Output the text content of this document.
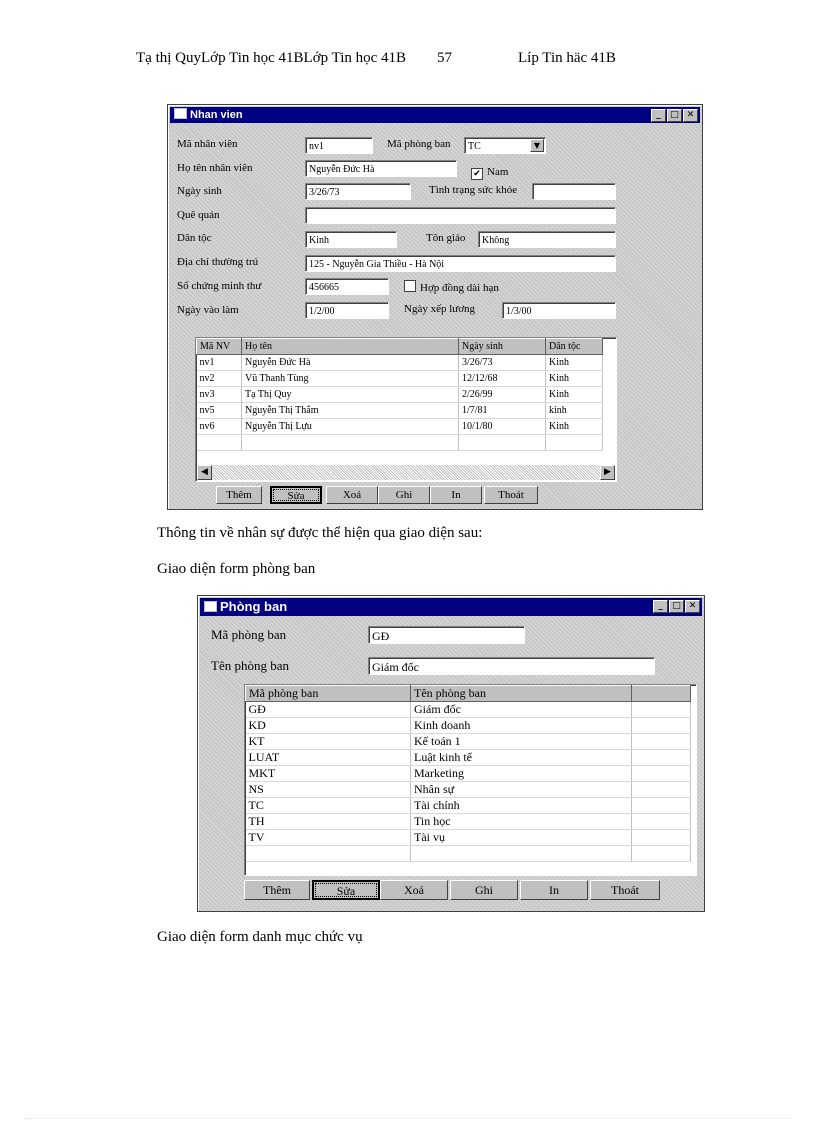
Tạ thị QuyLớp Tin học 41BLớp Tin học 41B 57	Líp Tin häc 41B
Nhan vien	_ □ ✕
Mã nhân viên	nv1	Mã phòng ban	TC	▼
Họ tên nhân viên	Nguyễn Đức Hà	✔ Nam
Ngày sinh	3/26/73	Tình trạng sức khỏe
Quê quán
Dân tộc	Kinh	Tôn giáo	Không
Địa chỉ thường trú	125 - Nguyễn Gia Thiều - Hà Nội
Số chứng minh thư	456665	Hợp đồng dài hạn
Ngày vào làm	1/2/00	Ngày xếp lương	1/3/00
Mã NV	Họ tên	Ngày sinh	Dân tộc
nv1	Nguyễn Đức Hà	3/26/73	Kinh
nv2	Vũ Thanh Tùng	12/12/68	Kinh
nv3	Tạ Thị Quy	2/26/99	Kinh
nv5	Nguyễn Thị Thắm	1/7/81	kinh
nv6	Nguyễn Thị Lựu	10/1/80	Kinh

◀	▶
Thêm	Sửa	Xoá	Ghi	In	Thoát
Thông tin về nhân sự được thể hiện qua giao diện sau:
Giao diện form phòng ban
Phòng ban	_ □ ✕
Mã phòng ban	GĐ
Tên phòng ban	Giám đốc
Mã phòng ban	Tên phòng ban	
GĐ	Giám đốc	
KD	Kinh doanh	
KT	Kế toán 1	
LUAT	Luật kinh tế	
MKT	Marketing	
NS	Nhân sự	
TC	Tài chính	
TH	Tin học	
TV	Tài vụ	

Thêm	Sửa	Xoá	Ghi	In	Thoát
Giao diện form danh mục chức vụ
